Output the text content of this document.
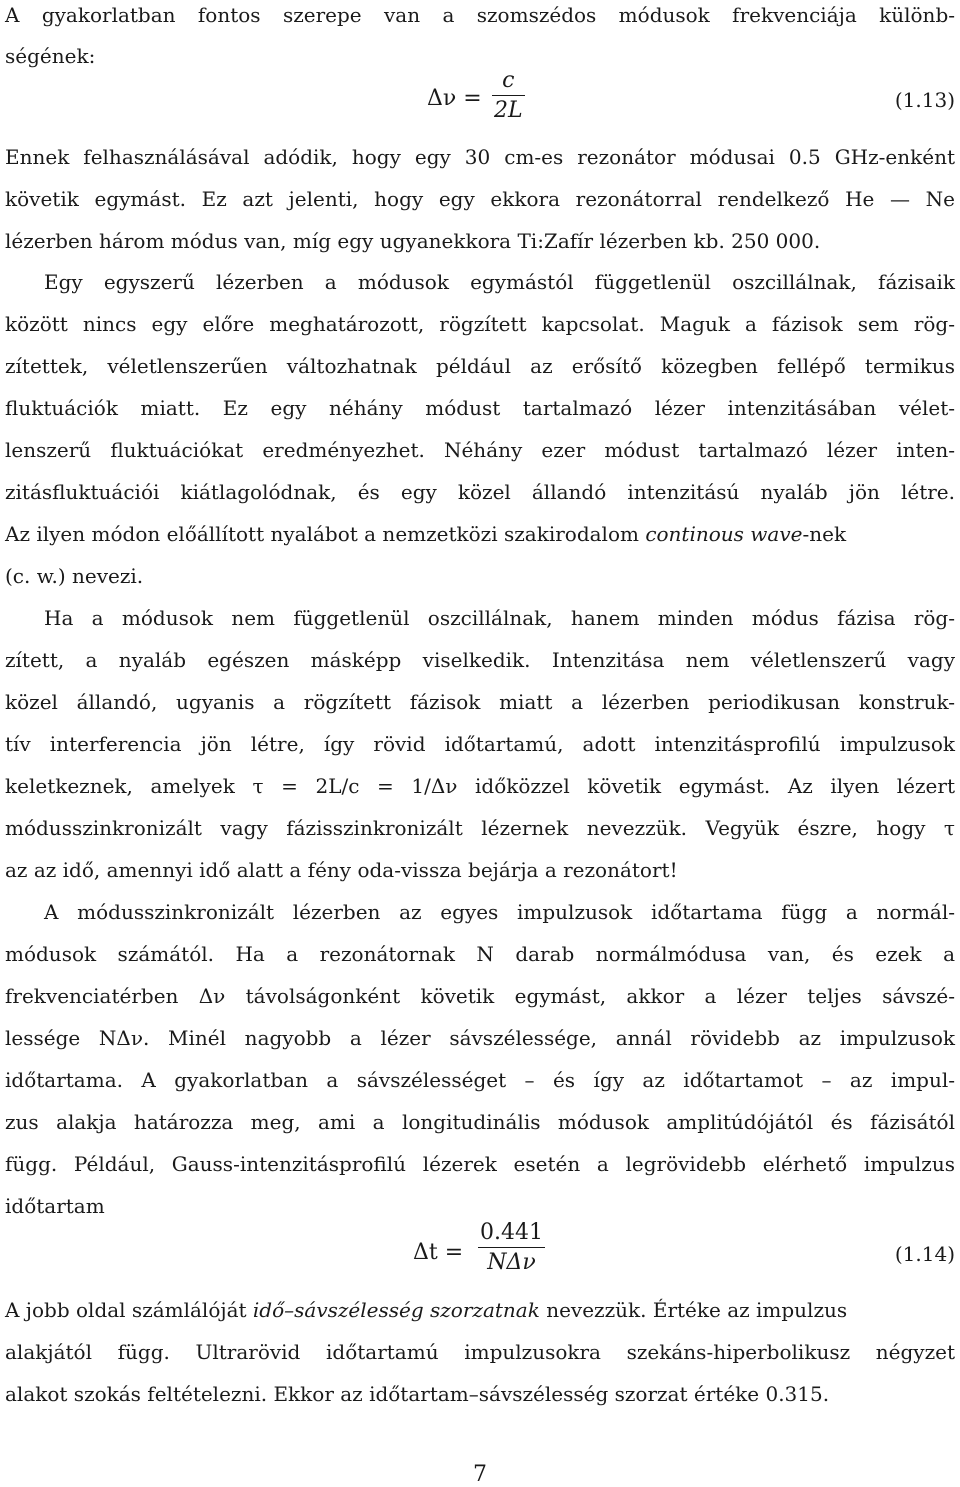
A gyakorlatban fontos szerepe van a szomszédos módusok frekvenciája különb-
ségének:
Δν =
c
2L	(1.13)
Ennek felhasználásával adódik, hogy egy 30 cm-es rezonátor módusai 0.5 GHz-enként
követik egymást. Ez azt jelenti, hogy egy ekkora rezonátorral rendelkező He — Ne
lézerben három módus van, míg egy ugyanekkora Ti:Zafír lézerben kb. 250 000.
Egy egyszerű lézerben a módusok egymástól függetlenül oszcillálnak, fázisaik
között nincs egy előre meghatározott, rögzített kapcsolat. Maguk a fázisok sem rög-
zítettek, véletlenszerűen változhatnak például az erősítő közegben fellépő termikus
fluktuációk miatt. Ez egy néhány módust tartalmazó lézer intenzitásában vélet-
lenszerű fluktuációkat eredményezhet. Néhány ezer módust tartalmazó lézer inten-
zitásfluktuációi kiátlagolódnak, és egy közel állandó intenzitású nyaláb jön létre.
Az ilyen módon előállított nyalábot a nemzetközi szakirodalom continous wave-nek
(c. w.) nevezi.
Ha a módusok nem függetlenül oszcillálnak, hanem minden módus fázisa rög-
zített, a nyaláb egészen másképp viselkedik. Intenzitása nem véletlenszerű vagy
közel állandó, ugyanis a rögzített fázisok miatt a lézerben periodikusan konstruk-
tív interferencia jön létre, így rövid időtartamú, adott intenzitásprofilú impulzusok
keletkeznek, amelyek τ = 2L/c = 1/Δν időközzel követik egymást. Az ilyen lézert
módusszinkronizált vagy fázisszinkronizált lézernek nevezzük. Vegyük észre, hogy τ
az az idő, amennyi idő alatt a fény oda-vissza bejárja a rezonátort!
A módusszinkronizált lézerben az egyes impulzusok időtartama függ a normál-
módusok számától. Ha a rezonátornak N darab normálmódusa van, és ezek a
frekvenciatérben Δν távolságonként követik egymást, akkor a lézer teljes sávszé-
lessége NΔν. Minél nagyobb a lézer sávszélessége, annál rövidebb az impulzusok
időtartama. A gyakorlatban a sávszélességet – és így az időtartamot – az impul-
zus alakja határozza meg, ami a longitudinális módusok amplitúdójától és fázisától
függ. Például, Gauss-intenzitásprofilú lézerek esetén a legrövidebb elérhető impulzus
időtartam
Δt =
0.441
NΔν	(1.14)
A jobb oldal számlálóját idő–sávszélesség szorzatnak nevezzük. Értéke az impulzus
alakjától függ. Ultrarövid időtartamú impulzusokra szekáns-hiperbolikusz négyzet
alakot szokás feltételezni. Ekkor az időtartam–sávszélesség szorzat értéke 0.315.
7
